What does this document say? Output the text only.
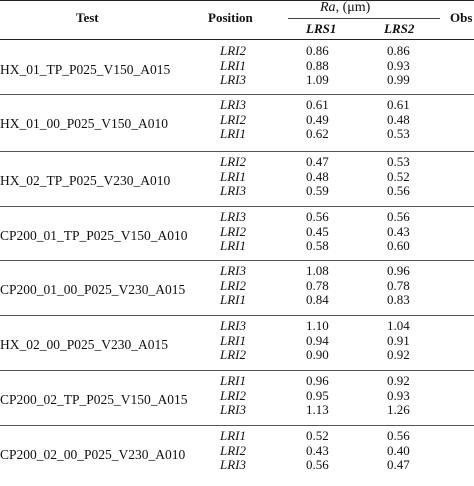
Test	Position
Ra, (μm)
LRS1	LRS2
Obs
HX_01_TP_P025_V150_A015
LRI2	0.86	0.86
LRI1	0.88	0.93
LRI3	1.09	0.99
HX_01_00_P025_V150_A010
LRI3	0.61	0.61
LRI2	0.49	0.48
LRI1	0.62	0.53
HX_02_TP_P025_V230_A010
LRI2	0.47	0.53
LRI1	0.48	0.52
LRI3	0.59	0.56
CP200_01_TP_P025_V150_A010
LRI3	0.56	0.56
LRI2	0.45	0.43
LRI1	0.58	0.60
CP200_01_00_P025_V230_A015
LRI3	1.08	0.96
LRI2	0.78	0.78
LRI1	0.84	0.83
HX_02_00_P025_V230_A015
LRI3	1.10	1.04
LRI1	0.94	0.91
LRI2	0.90	0.92
CP200_02_TP_P025_V150_A015
LRI1	0.96	0.92
LRI2	0.95	0.93
LRI3	1.13	1.26
CP200_02_00_P025_V230_A010
LRI1	0.52	0.56
LRI2	0.43	0.40
LRI3	0.56	0.47
